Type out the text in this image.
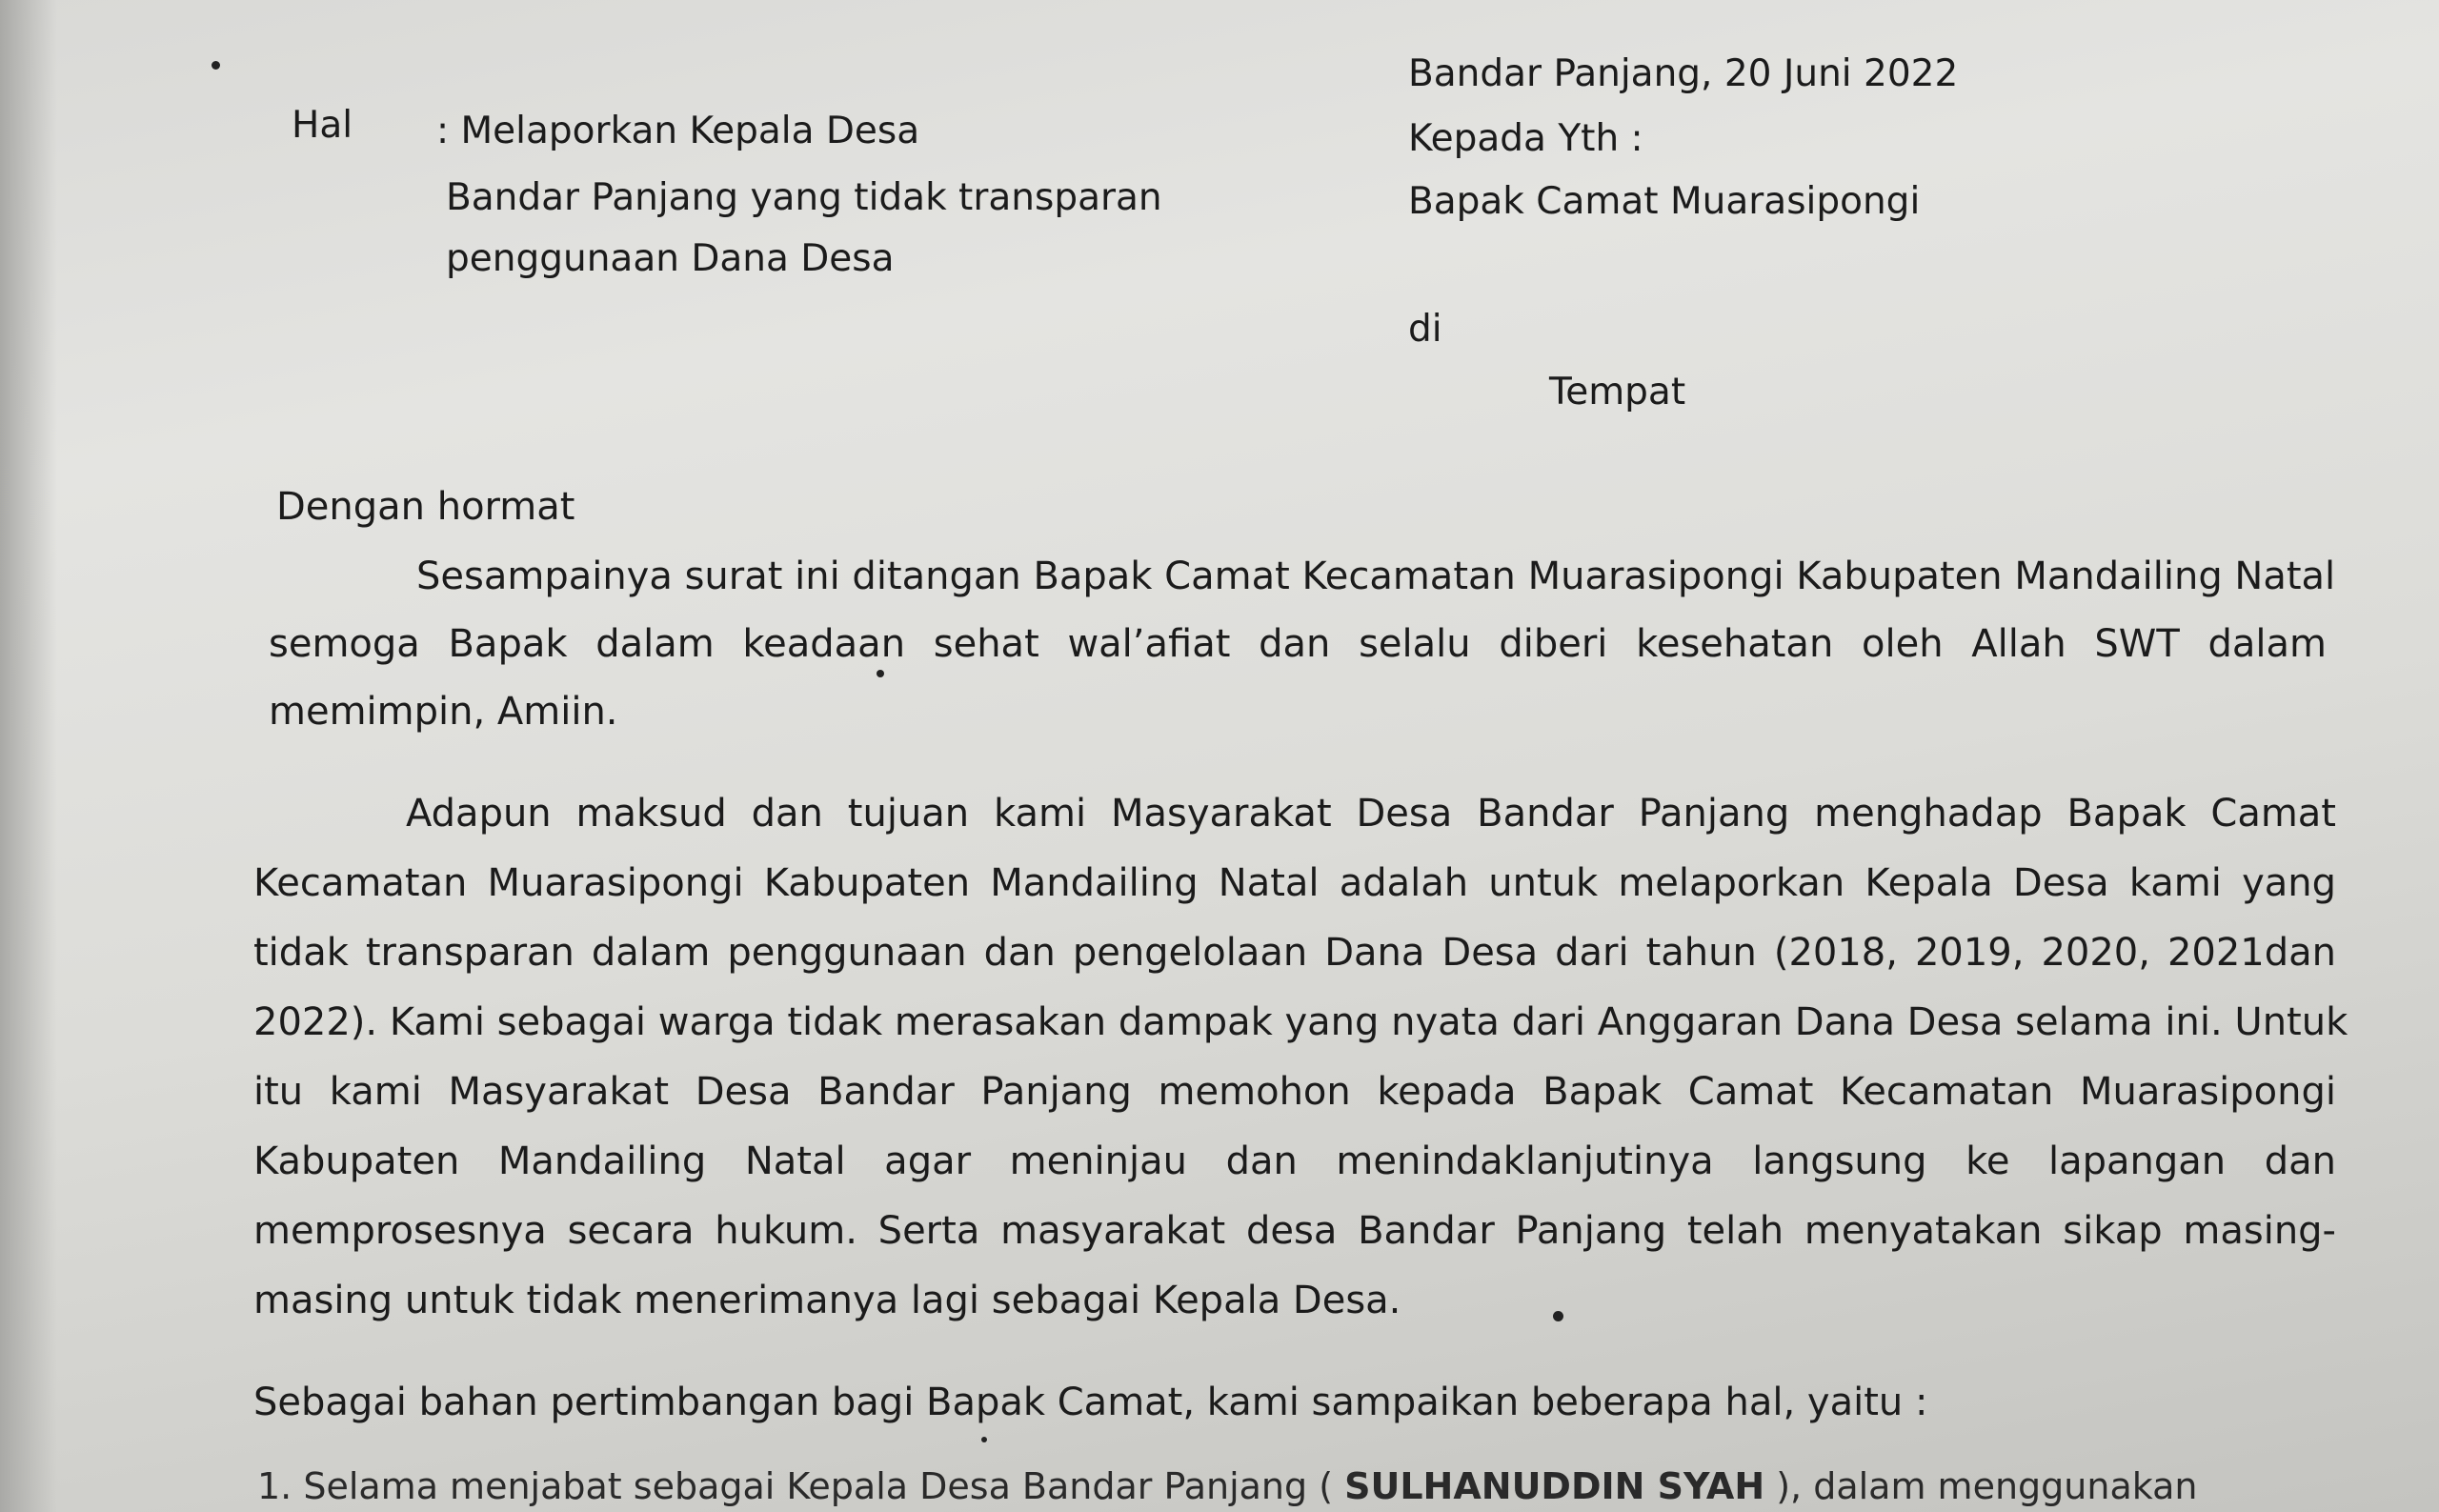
Bandar Panjang, 20 Juni 2022
Kepada Yth :
Bapak Camat Muarasipongi
di
Tempat
Hal : Melaporkan Kepala Desa
Bandar Panjang yang tidak transparan
penggunaan Dana Desa
Dengan hormat
Sesampainya surat ini ditangan Bapak Camat Kecamatan Muarasipongi Kabupaten Mandailing Natal
semoga Bapak dalam keadaan sehat wal’afiat dan selalu diberi kesehatan oleh Allah SWT dalam
memimpin, Amiin.
Adapun maksud dan tujuan kami Masyarakat Desa Bandar Panjang menghadap Bapak Camat
Kecamatan Muarasipongi Kabupaten Mandailing Natal adalah untuk melaporkan Kepala Desa kami yang
tidak transparan dalam penggunaan dan pengelolaan Dana Desa dari tahun (2018, 2019, 2020, 2021dan
2022). Kami sebagai warga tidak merasakan dampak yang nyata dari Anggaran Dana Desa selama ini. Untuk
itu kami Masyarakat Desa Bandar Panjang memohon kepada Bapak Camat Kecamatan Muarasipongi
Kabupaten Mandailing Natal agar meninjau dan menindaklanjutinya langsung ke lapangan dan
memprosesnya secara hukum. Serta masyarakat desa Bandar Panjang telah menyatakan sikap masing-
masing untuk tidak menerimanya lagi sebagai Kepala Desa.
Sebagai bahan pertimbangan bagi Bapak Camat, kami sampaikan beberapa hal, yaitu :
1. Selama menjabat sebagai Kepala Desa Bandar Panjang ( SULHANUDDIN SYAH ), dalam menggunakan
